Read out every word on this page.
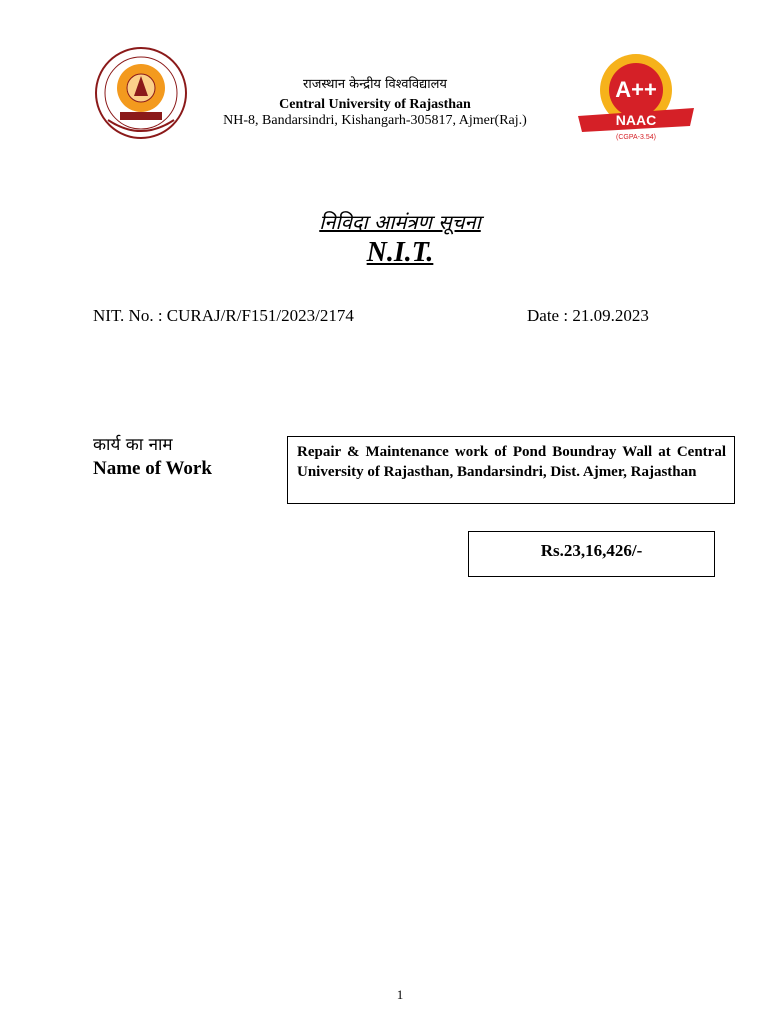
A++
NAAC
(CGPA-3.54)
राजस्थान केन्द्रीय विश्वविद्यालय
Central University of Rajasthan
NH-8, Bandarsindri, Kishangarh-305817, Ajmer(Raj.)
निविदा आमंत्रण सूचना
N.I.T.
NIT. No. : CURAJ/R/F151/2023/2174	Date : 21.09.2023
कार्य का नाम
Name of Work
Repair & Maintenance work of Pond Boundray Wall at Central University of Rajasthan, Bandarsindri, Dist. Ajmer, Rajasthan
Rs.23,16,426/-
1
